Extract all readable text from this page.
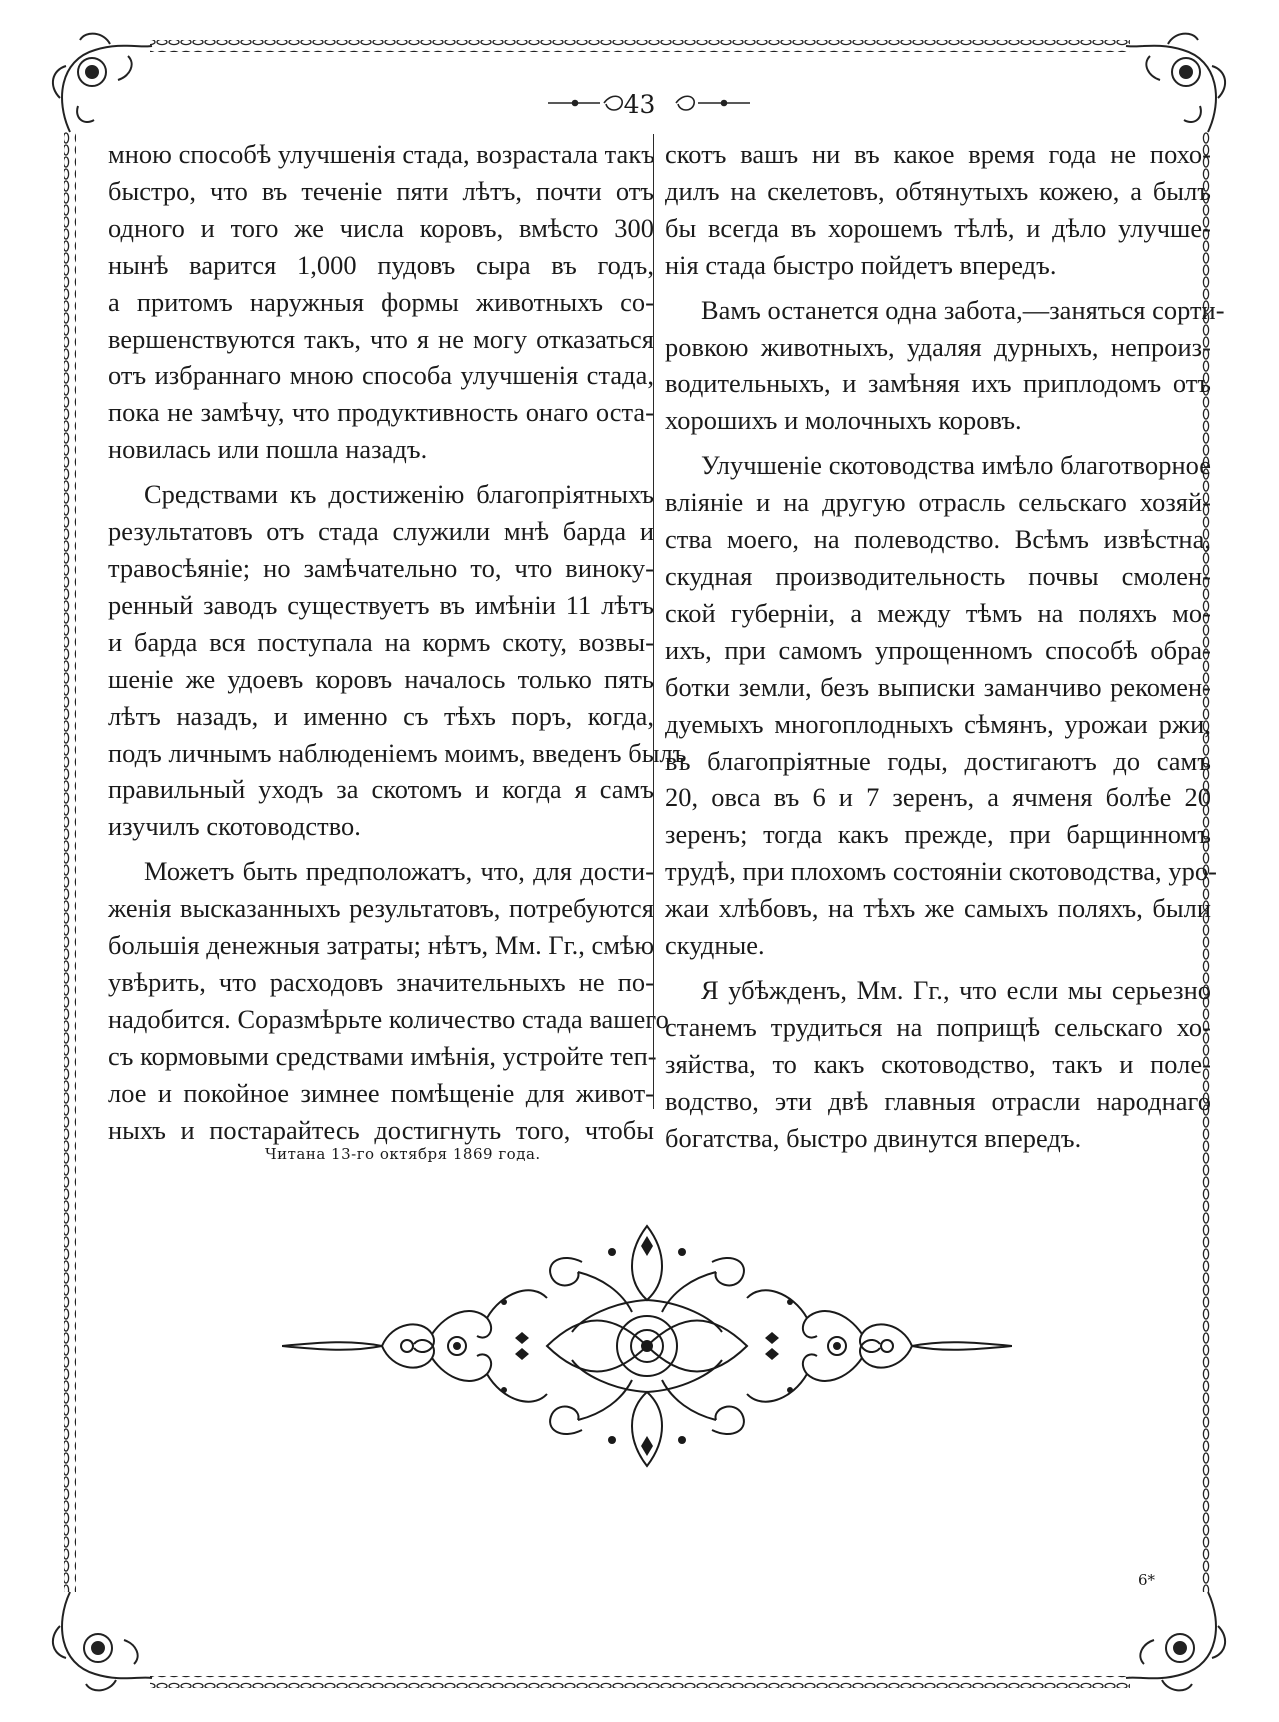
43

мною способѣ улучшенія стада, возрастала такъ
быстро, что въ теченіе пяти лѣтъ, почти отъ
одного и того же числа коровъ, вмѣсто 300
нынѣ варится 1,000 пудовъ сыра въ годъ,
а притомъ наружныя формы животныхъ со-
вершенствуются такъ, что я не могу отказаться
отъ избраннаго мною способа улучшенія стада,
пока не замѣчу, что продуктивность онаго оста-
новилась или пошла назадъ.

Средствами къ достиженію благопріятныхъ
результатовъ отъ стада служили мнѣ барда и
травосѣяніе; но замѣчательно то, что винoку-
ренный заводъ существуетъ въ имѣніи 11 лѣтъ
и барда вся поступала на кормъ скоту, возвы-
шеніе же удоевъ коровъ началось только пять
лѣтъ назадъ, и именно съ тѣхъ поръ, когда,
подъ личнымъ наблюденіемъ моимъ, введенъ былъ
правильный уходъ за скотомъ и когда я самъ
изучилъ скотоводство.

Можетъ быть предположатъ, что, для дости-
женія высказанныхъ результатовъ, потребуются
большія денежныя затраты; нѣтъ, Мм. Гг., смѣю
увѣрить, что расходовъ значительныхъ не по-
надобится. Соразмѣрьте количество стада вашего
съ кормовыми средствами имѣнія, устройте теп-
лое и покойное зимнее помѣщеніе для живот-
ныхъ и постарайтесь достигнуть того, чтобы

скотъ вашъ ни въ какое время года не похо-
дилъ на скелетовъ, обтянутыхъ кожею, а былъ
бы всегда въ хорошемъ тѣлѣ, и дѣло улучше-
нія стада быстро пойдетъ впередъ.

Вамъ останется одна забота,—заняться сорти-
ровкою животныхъ, удаляя дурныхъ, непроиз-
водительныхъ, и замѣняя ихъ приплодомъ отъ
хорошихъ и молочныхъ коровъ.

Улучшеніе скотоводства имѣло благотворное
вліяніе и на другую отрасль сельскаго хозяй-
ства моего, на полеводство. Всѣмъ извѣстна,
скудная производительность почвы смолен-
ской губерніи, а между тѣмъ на поляхъ мо-
ихъ, при самомъ упрощенномъ способѣ обра-
ботки земли, безъ выписки заманчиво рекомен-
дуемыхъ многоплодныхъ сѣмянъ, урожаи ржи,
въ благопріятные годы, достигаютъ до самъ
20, овса въ 6 и 7 зеренъ, а ячменя болѣе 20
зеренъ; тогда какъ прежде, при барщинномъ
трудѣ, при плохомъ состояніи скотоводства, уро-
жаи хлѣбовъ, на тѣхъ же самыхъ поляхъ, были
скудные.

Я убѣжденъ, Мм. Гг., что если мы серьезно
станемъ трудиться на поприщѣ сельскаго хо-
зяйства, то какъ скотоводство, такъ и поле-
водство, эти двѣ главныя отрасли народнаго
богатства, быстро двинутся впередъ.

Читана 13-го октября 1869 года.
6*
